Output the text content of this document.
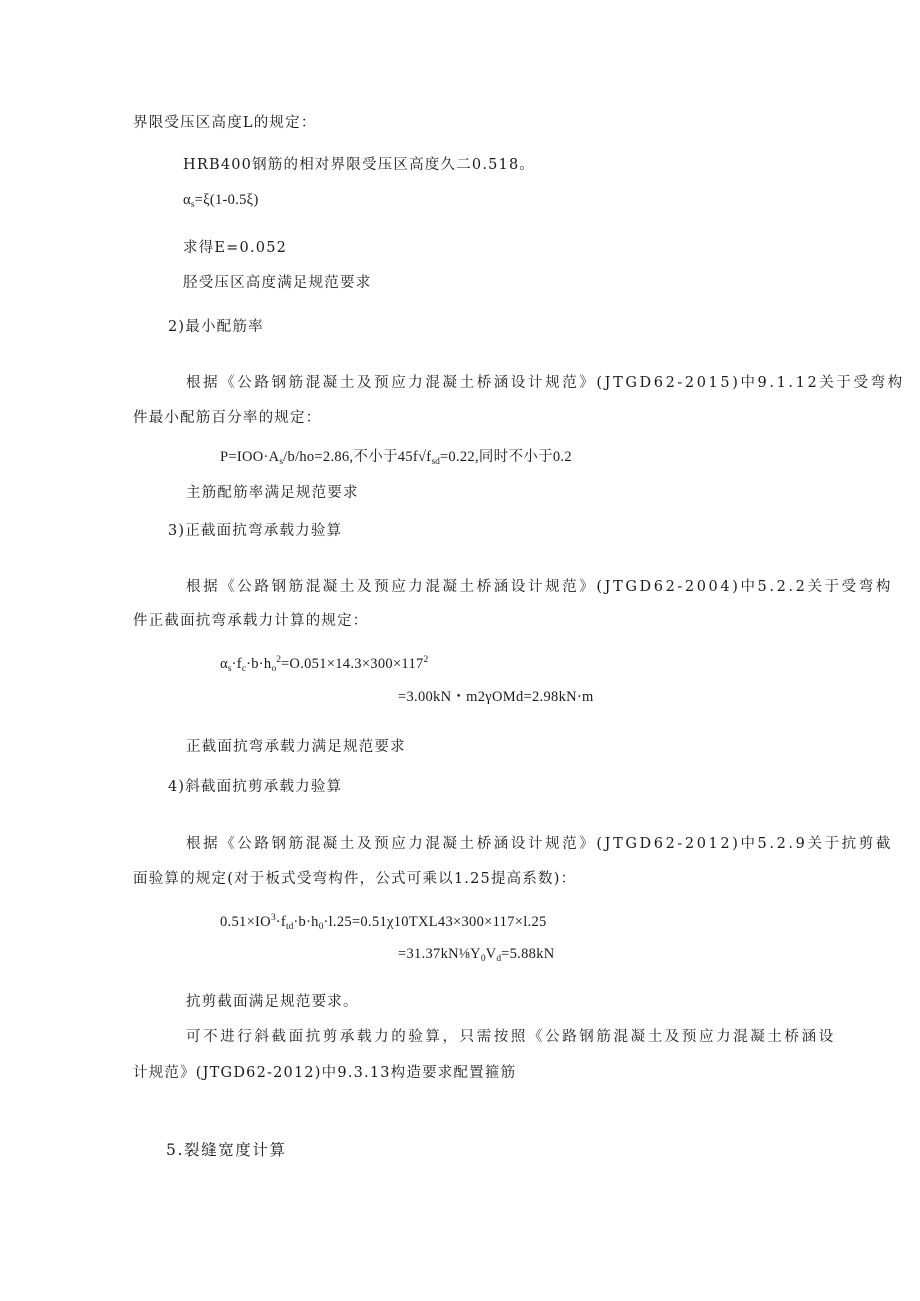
界限受压区高度L的规定：
HRB400钢筋的相对界限受压区高度久二0.518。
$\alpha_s=\xi(1-0.5\xi)$
求得E=0.052
胫受压区高度满足规范要求
2)最小配筋率
根据《公路钢筋混凝土及预应力混凝土桥涵设计规范》(JTGD62-2015)中9.1.12关于受弯构
件最小配筋百分率的规定：
$P=IOO\cdot A_s/b/ho=2.86$,不小于$45f√f_{sd}=0.22$,同时不小于0.2
主筋配筋率满足规范要求
3)正截面抗弯承载力验算
根据《公路钢筋混凝土及预应力混凝土桥涵设计规范》(JTGD62-2004)中5.2.2关于受弯构
件正截面抗弯承载力计算的规定：
$\alpha_s\cdot f_c\cdot b\cdot h_o^2=O.051\times 14.3\times 300\times 117^2$
=3.00kN・m2γOMd=2.98kN·m
正截面抗弯承载力满足规范要求
4)斜截面抗剪承载力验算
根据《公路钢筋混凝土及预应力混凝土桥涵设计规范》(JTGD62-2012)中5.2.9关于抗剪截
面验算的规定(对于板式受弯构件，公式可乘以1.25提高系数)：
$0.51\times IO^3\cdot f_{td}\cdot b\cdot h_0\cdot l.25=0.51\chi 10TXL43\times 300\times 117\times l.25$
$=31.37kN\frac{1}{8}Y_0V_d=5.88kN$
抗剪截面满足规范要求。
可不进行斜截面抗剪承载力的验算，只需按照《公路钢筋混凝土及预应力混凝土桥涵设
计规范》(JTGD62-2012)中9.3.13构造要求配置箍筋
5.裂缝宽度计算
